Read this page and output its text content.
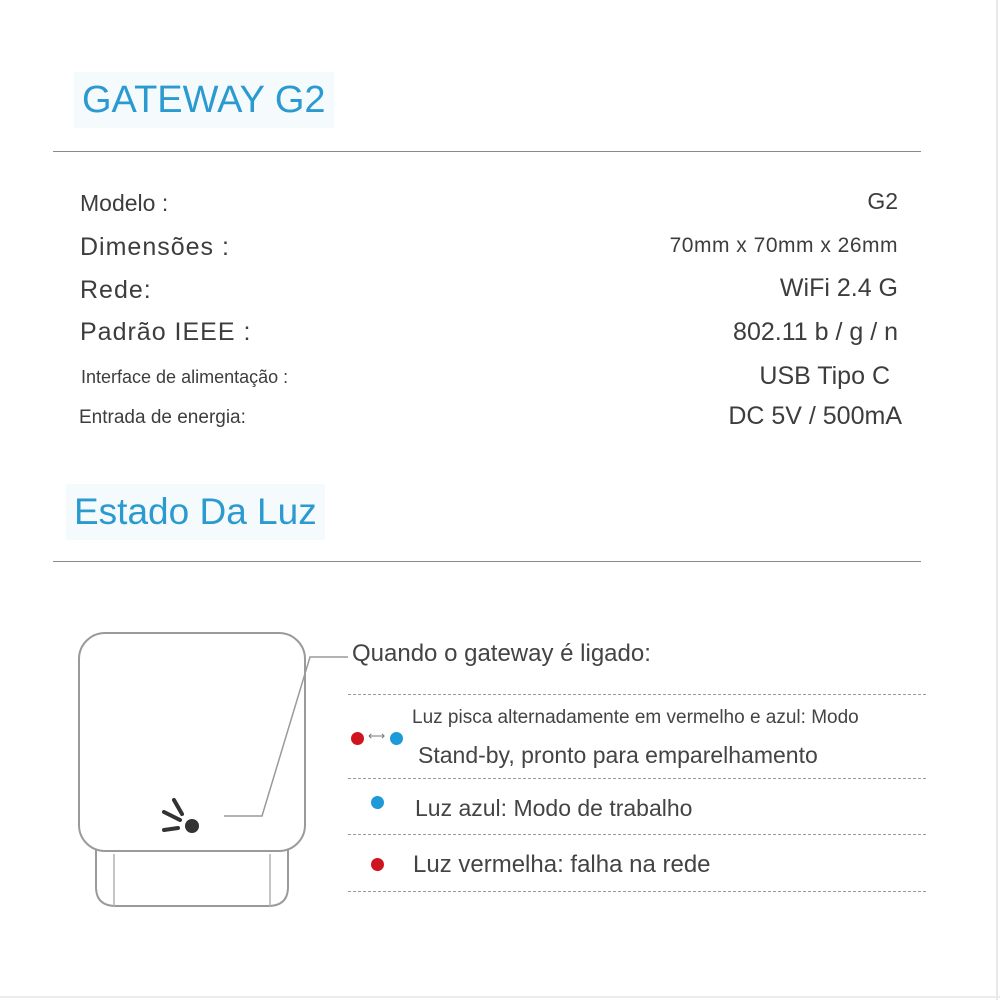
GATEWAY G2
Modelo :	G2
Dimensões :	70mm x 70mm x 26mm
Rede:	WiFi 2.4 G
Padrão IEEE :	802.11 b / g / n
Interface de alimentação :	USB Tipo C
Entrada de energia:	DC 5V / 500mA
Estado Da Luz
Quando o gateway é ligado:
⟷
Luz pisca alternadamente em vermelho e azul: Modo
Stand-by, pronto para emparelhamento
Luz azul: Modo de trabalho
Luz vermelha: falha na rede
